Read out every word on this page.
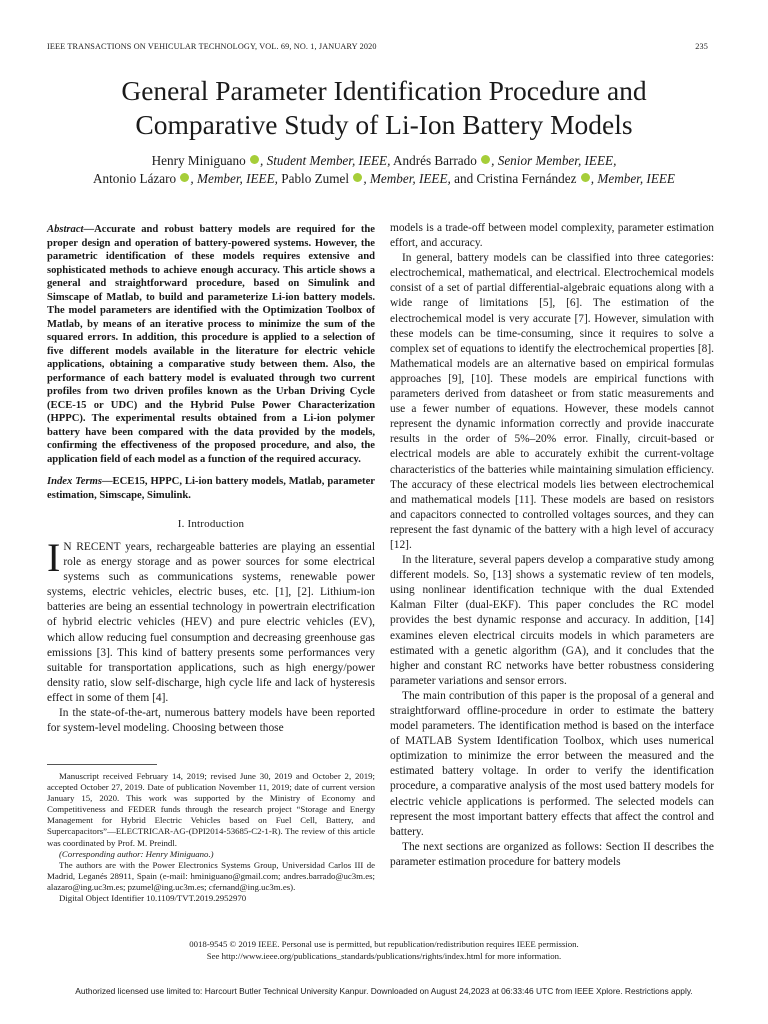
IEEE TRANSACTIONS ON VEHICULAR TECHNOLOGY, VOL. 69, NO. 1, JANUARY 2020	235
General Parameter Identification Procedure and
Comparative Study of Li-Ion Battery Models
Henry Miniguano , Student Member, IEEE, Andrés Barrado , Senior Member, IEEE,
Antonio Lázaro , Member, IEEE, Pablo Zumel , Member, IEEE, and Cristina Fernández , Member, IEEE
Abstract—Accurate and robust battery models are required for the proper design and operation of battery-powered systems. However, the parametric identification of these models requires extensive and sophisticated methods to achieve enough accuracy. This article shows a general and straightforward procedure, based on Simulink and Simscape of Matlab, to build and parameterize Li-ion battery models. The model parameters are identified with the Optimization Toolbox of Matlab, by means of an iterative process to minimize the sum of the squared errors. In addition, this procedure is applied to a selection of five different models available in the literature for electric vehicle applications, obtaining a comparative study between them. Also, the performance of each battery model is evaluated through two current profiles from two driven profiles known as the Urban Driving Cycle (ECE-15 or UDC) and the Hybrid Pulse Power Characterization (HPPC). The experimental results obtained from a Li-ion polymer battery have been compared with the data provided by the models, confirming the effectiveness of the proposed procedure, and also, the application field of each model as a function of the required accuracy.
Index Terms—ECE15, HPPC, Li-ion battery models, Matlab, parameter estimation, Simscape, Simulink.
I. Introduction

I N RECENT years, rechargeable batteries are playing an essential role as energy storage and as power sources for some electrical systems such as communications systems, renewable power systems, electric vehicles, electric buses, etc. [1], [2]. Lithium-ion batteries are being an essential technology in powertrain electrification of hybrid electric vehicles (HEV) and pure electric vehicles (EV), which allow reducing fuel consumption and decreasing greenhouse gas emissions [3]. This kind of battery presents some performances very suitable for transportation applications, such as high energy/power density ratio, slow self-discharge, high cycle life and lack of hysteresis effect in some of them [4].

In the state-of-the-art, numerous battery models have been reported for system-level modeling. Choosing between those

models is a trade-off between model complexity, parameter estimation effort, and accuracy.

In general, battery models can be classified into three categories: electrochemical, mathematical, and electrical. Electrochemical models consist of a set of partial differential-algebraic equations along with a wide range of limitations [5], [6]. The estimation of the electrochemical model is very accurate [7]. However, simulation with these models can be time-consuming, since it requires to solve a complex set of equations to identify the electrochemical properties [8]. Mathematical models are an alternative based on empirical formulas approaches [9], [10]. These models are empirical functions with parameters derived from datasheet or from static measurements and use a fewer number of equations. However, these models cannot represent the dynamic information correctly and provide inaccurate results in the order of 5%–20% error. Finally, circuit-based or electrical models are able to accurately exhibit the current-voltage characteristics of the batteries while maintaining simulation efficiency. The accuracy of these electrical models lies between electrochemical and mathematical models [11]. These models are based on resistors and capacitors connected to controlled voltages sources, and they can represent the fast dynamic of the battery with a high level of accuracy [12].

In the literature, several papers develop a comparative study among different models. So, [13] shows a systematic review of ten models, using nonlinear identification technique with the dual Extended Kalman Filter (dual-EKF). This paper concludes the RC model provides the best dynamic response and accuracy. In addition, [14] examines eleven electrical circuits models in which parameters are estimated with a genetic algorithm (GA), and it concludes that the higher and constant RC networks have better robustness considering parameter variations and sensor errors.

The main contribution of this paper is the proposal of a general and straightforward offline-procedure in order to estimate the battery model parameters. The identification method is based on the interface of MATLAB System Identification Toolbox, which uses numerical optimization to minimize the error between the measured and the estimated battery voltage. In order to verify the identification procedure, a comparative analysis of the most used battery models for electric vehicle applications is performed. The selected models can represent the most important battery effects that affect the control and battery.

The next sections are organized as follows: Section II describes the parameter estimation procedure for battery models

Manuscript received February 14, 2019; revised June 30, 2019 and October 2, 2019; accepted October 27, 2019. Date of publication November 11, 2019; date of current version January 15, 2020. This work was supported by the Ministry of Economy and Competitiveness and FEDER funds through the research project “Storage and Energy Management for Hybrid Electric Vehicles based on Fuel Cell, Battery, and Supercapacitors”—ELECTRICAR-AG-(DPI2014-53685-C2-1-R). The review of this article was coordinated by Prof. M. Preindl.

(Corresponding author: Henry Miniguano.)

The authors are with the Power Electronics Systems Group, Universidad Carlos III de Madrid, Leganés 28911, Spain (e-mail: hminiguano@gmail.com; andres.barrado@uc3m.es; alazaro@ing.uc3m.es; pzumel@ing.uc3m.es; cfernand@ing.uc3m.es).

Digital Object Identifier 10.1109/TVT.2019.2952970

0018-9545 © 2019 IEEE. Personal use is permitted, but republication/redistribution requires IEEE permission.
See http://www.ieee.org/publications_standards/publications/rights/index.html for more information.
Authorized licensed use limited to: Harcourt Butler Technical University Kanpur. Downloaded on August 24,2023 at 06:33:46 UTC from IEEE Xplore. Restrictions apply.
